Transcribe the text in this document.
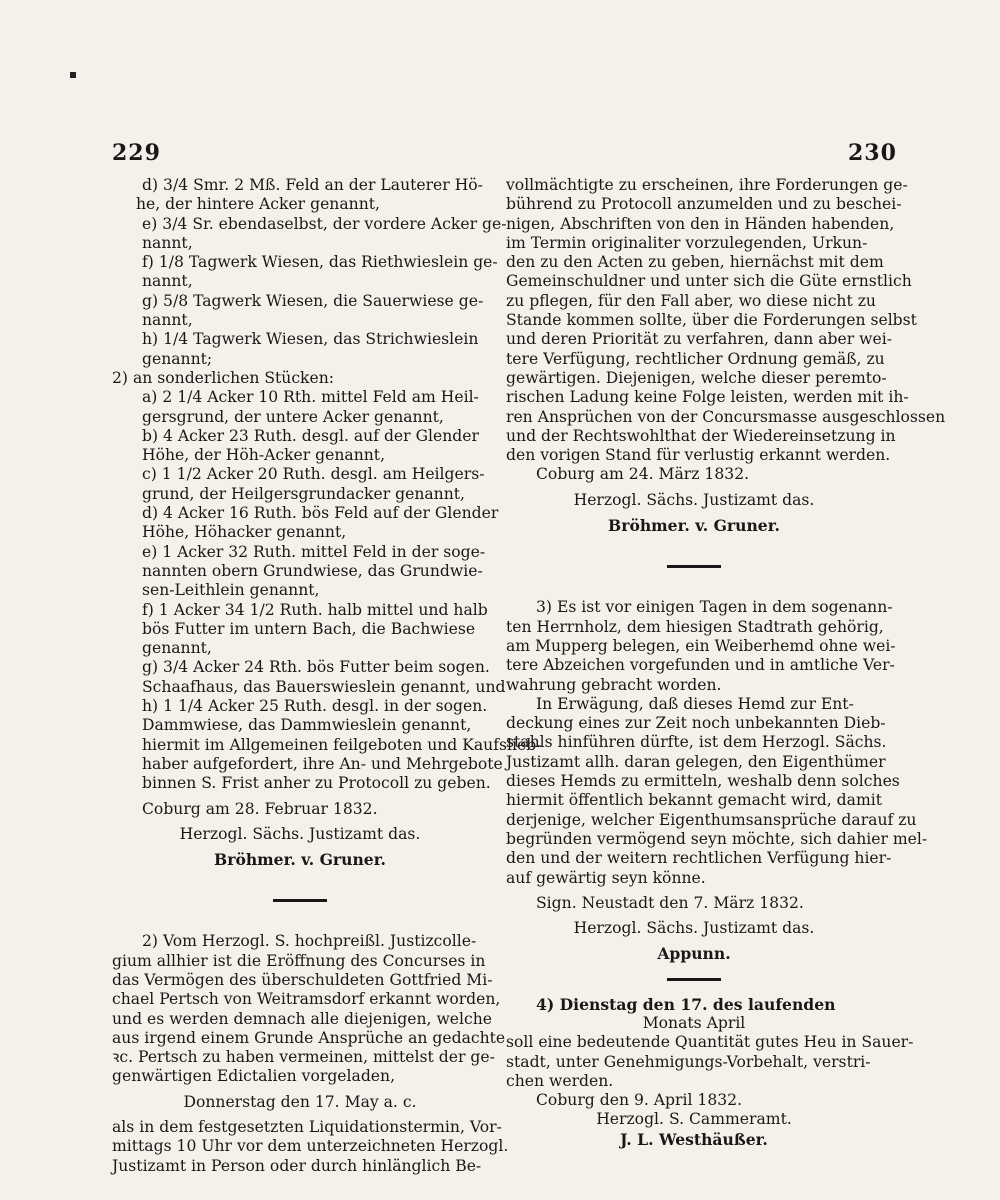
229	230
d) 3/4 Smr. 2 Mß. Feld an der Lauterer Hö-
he, der hintere Acker genannt,
e) 3/4 Sr. ebendaselbst, der vordere Acker ge-
nannt,
f) 1/8 Tagwerk Wiesen, das Riethwieslein ge-
nannt,
g) 5/8 Tagwerk Wiesen, die Sauerwiese ge-
nannt,
h) 1/4 Tagwerk Wiesen, das Strichwieslein
genannt;
2) an sonderlichen Stücken:
a) 2 1/4 Acker 10 Rth. mittel Feld am Heil-
gersgrund, der untere Acker genannt,
b) 4 Acker 23 Ruth. desgl. auf der Glender
Höhe, der Höh-Acker genannt,
c) 1 1/2 Acker 20 Ruth. desgl. am Heilgers-
grund, der Heilgersgrundacker genannt,
d) 4 Acker 16 Ruth. bös Feld auf der Glender
Höhe, Höhacker genannt,
e) 1 Acker 32 Ruth. mittel Feld in der soge-
nannten obern Grundwiese, das Grundwie-
sen-Leithlein genannt,
f) 1 Acker 34 1/2 Ruth. halb mittel und halb
bös Futter im untern Bach, die Bachwiese
genannt,
g) 3/4 Acker 24 Rth. bös Futter beim sogen.
Schaafhaus, das Bauerswieslein genannt, und
h) 1 1/4 Acker 25 Ruth. desgl. in der sogen.
Dammwiese, das Dammwieslein genannt,
hiermit im Allgemeinen feilgeboten und Kaufslieb-
haber aufgefordert, ihre An- und Mehrgebote
binnen S. Frist anher zu Protocoll zu geben.
Coburg am 28. Februar 1832.
Herzogl. Sächs. Justizamt das.
Bröhmer. v. Gruner.
2) Vom Herzogl. S. hochpreißl. Justizcolle-
gium allhier ist die Eröffnung des Concurses in
das Vermögen des überschuldeten Gottfried Mi-
chael Pertsch von Weitramsdorf erkannt worden,
und es werden demnach alle diejenigen, welche
aus irgend einem Grunde Ansprüche an gedachte
ꝛc. Pertsch zu haben vermeinen, mittelst der ge-
genwärtigen Edictalien vorgeladen,
Donnerstag den 17. May a. c.
als in dem festgesetzten Liquidationstermin, Vor-
mittags 10 Uhr vor dem unterzeichneten Herzogl.
Justizamt in Person oder durch hinlänglich Be-
vollmächtigte zu erscheinen, ihre Forderungen ge-
bührend zu Protocoll anzumelden und zu beschei-
nigen, Abschriften von den in Händen habenden,
im Termin originaliter vorzulegenden, Urkun-
den zu den Acten zu geben, hiernächst mit dem
Gemeinschuldner und unter sich die Güte ernstlich
zu pflegen, für den Fall aber, wo diese nicht zu
Stande kommen sollte, über die Forderungen selbst
und deren Priorität zu verfahren, dann aber wei-
tere Verfügung, rechtlicher Ordnung gemäß, zu
gewärtigen. Diejenigen, welche dieser peremto-
rischen Ladung keine Folge leisten, werden mit ih-
ren Ansprüchen von der Concursmasse ausgeschlossen
und der Rechtswohlthat der Wiedereinsetzung in
den vorigen Stand für verlustig erkannt werden.
Coburg am 24. März 1832.
Herzogl. Sächs. Justizamt das.
Bröhmer. v. Gruner.
3) Es ist vor einigen Tagen in dem sogenann-
ten Herrnholz, dem hiesigen Stadtrath gehörig,
am Mupperg belegen, ein Weiberhemd ohne wei-
tere Abzeichen vorgefunden und in amtliche Ver-
wahrung gebracht worden.
In Erwägung, daß dieses Hemd zur Ent-
deckung eines zur Zeit noch unbekannten Dieb-
stahls hinführen dürfte, ist dem Herzogl. Sächs.
Justizamt allh. daran gelegen, den Eigenthümer
dieses Hemds zu ermitteln, weshalb denn solches
hiermit öffentlich bekannt gemacht wird, damit
derjenige, welcher Eigenthumsansprüche darauf zu
begründen vermögend seyn möchte, sich dahier mel-
den und der weitern rechtlichen Verfügung hier-
auf gewärtig seyn könne.
Sign. Neustadt den 7. März 1832.
Herzogl. Sächs. Justizamt das.
Appunn.
4) Dienstag den 17. des laufenden
Monats April
soll eine bedeutende Quantität gutes Heu in Sauer-
stadt, unter Genehmigungs-Vorbehalt, verstri-
chen werden.
Coburg den 9. April 1832.
Herzogl. S. Cammeramt.
J. L. Westhäußer.
